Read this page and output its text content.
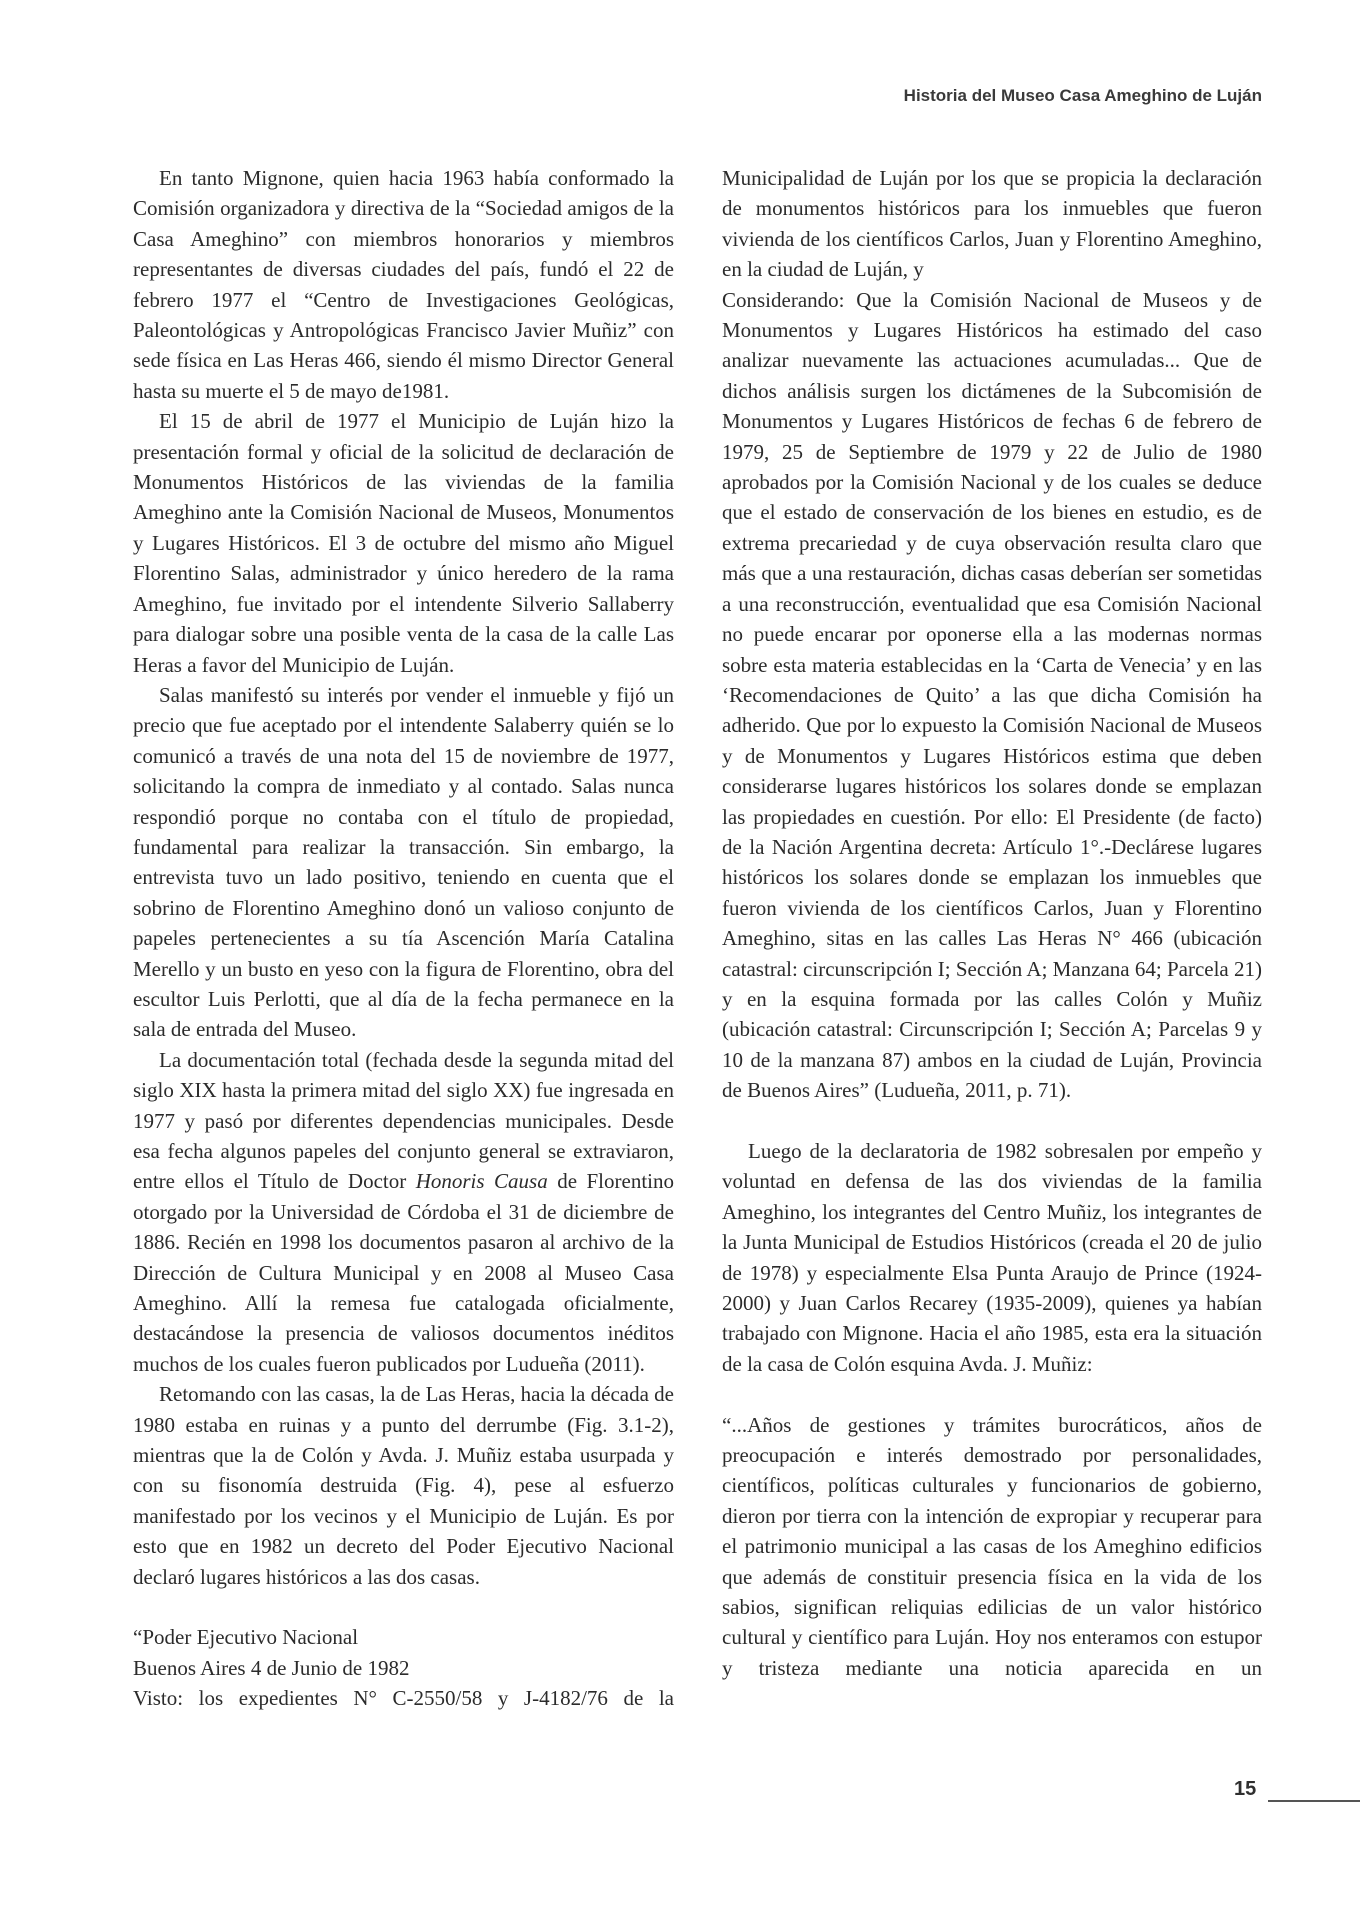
Historia del Museo Casa Ameghino de Luján

En tanto Mignone, quien hacia 1963 había conformado la Comisión organizadora y directiva de la “Sociedad amigos de la Casa Ameghino” con miembros honorarios y miembros representantes de diversas ciudades del país, fundó el 22 de febrero 1977 el “Centro de Investigaciones Geológicas, Paleontológicas y Antropológicas Francisco Javier Muñiz” con sede física en Las Heras 466, siendo él mismo Director General hasta su muerte el 5 de mayo de1981.

El 15 de abril de 1977 el Municipio de Luján hizo la presentación formal y oficial de la solicitud de declaración de Monumentos Históricos de las viviendas de la familia Ameghino ante la Comisión Nacional de Museos, Monumentos y Lugares Históricos. El 3 de octubre del mismo año Miguel Florentino Salas, administrador y único heredero de la rama Ameghino, fue invitado por el intendente Silverio Sallaberry para dialogar sobre una posible venta de la casa de la calle Las Heras a favor del Municipio de Luján.

Salas manifestó su interés por vender el inmueble y fijó un precio que fue aceptado por el intendente Salaberry quién se lo comunicó a través de una nota del 15 de noviembre de 1977, solicitando la compra de inmediato y al contado. Salas nunca respondió porque no contaba con el título de propiedad, fundamental para realizar la transacción. Sin embargo, la entrevista tuvo un lado positivo, teniendo en cuenta que el sobrino de Florentino Ameghino donó un valioso conjunto de papeles pertenecientes a su tía Ascención María Catalina Merello y un busto en yeso con la figura de Florentino, obra del escultor Luis Perlotti, que al día de la fecha permanece en la sala de entrada del Museo.

La documentación total (fechada desde la segunda mitad del siglo XIX hasta la primera mitad del siglo XX) fue ingresada en 1977 y pasó por diferentes dependencias municipales. Desde esa fecha algunos papeles del conjunto general se extraviaron, entre ellos el Título de Doctor Honoris Causa de Florentino otorgado por la Universidad de Córdoba el 31 de diciembre de 1886. Recién en 1998 los documentos pasaron al archivo de la Dirección de Cultura Municipal y en 2008 al Museo Casa Ameghino. Allí la remesa fue catalogada oficialmente, destacándose la presencia de valiosos documentos inéditos muchos de los cuales fueron publicados por Ludueña (2011).

Retomando con las casas, la de Las Heras, hacia la década de 1980 estaba en ruinas y a punto del derrumbe (Fig. 3.1-2), mientras que la de Colón y Avda. J. Muñiz estaba usurpada y con su fisonomía destruida (Fig. 4), pese al esfuerzo manifestado por los vecinos y el Municipio de Luján. Es por esto que en 1982 un decreto del Poder Ejecutivo Nacional declaró lugares históricos a las dos casas.

“Poder Ejecutivo Nacional

Buenos Aires 4 de Junio de 1982

Visto: los expedientes N° C-2550/58 y J-4182/76 de la

Municipalidad de Luján por los que se propicia la declaración de monumentos históricos para los inmuebles que fueron vivienda de los científicos Carlos, Juan y Florentino Ameghino, en la ciudad de Luján, y

Considerando: Que la Comisión Nacional de Museos y de Monumentos y Lugares Históricos ha estimado del caso analizar nuevamente las actuaciones acumuladas... Que de dichos análisis surgen los dictámenes de la Subcomisión de Monumentos y Lugares Históricos de fechas 6 de febrero de 1979, 25 de Septiembre de 1979 y 22 de Julio de 1980 aprobados por la Comisión Nacional y de los cuales se deduce que el estado de conservación de los bienes en estudio, es de extrema precariedad y de cuya observación resulta claro que más que a una restauración, dichas casas deberían ser sometidas a una reconstrucción, eventualidad que esa Comisión Nacional no puede encarar por oponerse ella a las modernas normas sobre esta materia establecidas en la ‘Carta de Venecia’ y en las ‘Recomendaciones de Quito’ a las que dicha Comisión ha adherido. Que por lo expuesto la Comisión Nacional de Museos y de Monumentos y Lugares Históricos estima que deben considerarse lugares históricos los solares donde se emplazan las propiedades en cuestión. Por ello: El Presidente (de facto) de la Nación Argentina decreta: Artículo 1°.-Declárese lugares históricos los solares donde se emplazan los inmuebles que fueron vivienda de los científicos Carlos, Juan y Florentino Ameghino, sitas en las calles Las Heras N° 466 (ubicación catastral: circunscripción I; Sección A; Manzana 64; Parcela 21) y en la esquina formada por las calles Colón y Muñiz (ubicación catastral: Circunscripción I; Sección A; Parcelas 9 y 10 de la manzana 87) ambos en la ciudad de Luján, Provincia de Buenos Aires” (Ludueña, 2011, p. 71).

Luego de la declaratoria de 1982 sobresalen por empeño y voluntad en defensa de las dos viviendas de la familia Ameghino, los integrantes del Centro Muñiz, los integrantes de la Junta Municipal de Estudios Históricos (creada el 20 de julio de 1978) y especialmente Elsa Punta Araujo de Prince (1924-2000) y Juan Carlos Recarey (1935-2009), quienes ya habían trabajado con Mignone. Hacia el año 1985, esta era la situación de la casa de Colón esquina Avda. J. Muñiz:

“...Años de gestiones y trámites burocráticos, años de preocupación e interés demostrado por personalidades, científicos, políticas culturales y funcionarios de gobierno, dieron por tierra con la intención de expropiar y recuperar para el patrimonio municipal a las casas de los Ameghino edificios que además de constituir presencia física en la vida de los sabios, significan reliquias edilicias de un valor histórico cultural y científico para Luján. Hoy nos enteramos con estupor y tristeza mediante una noticia aparecida en un

15
